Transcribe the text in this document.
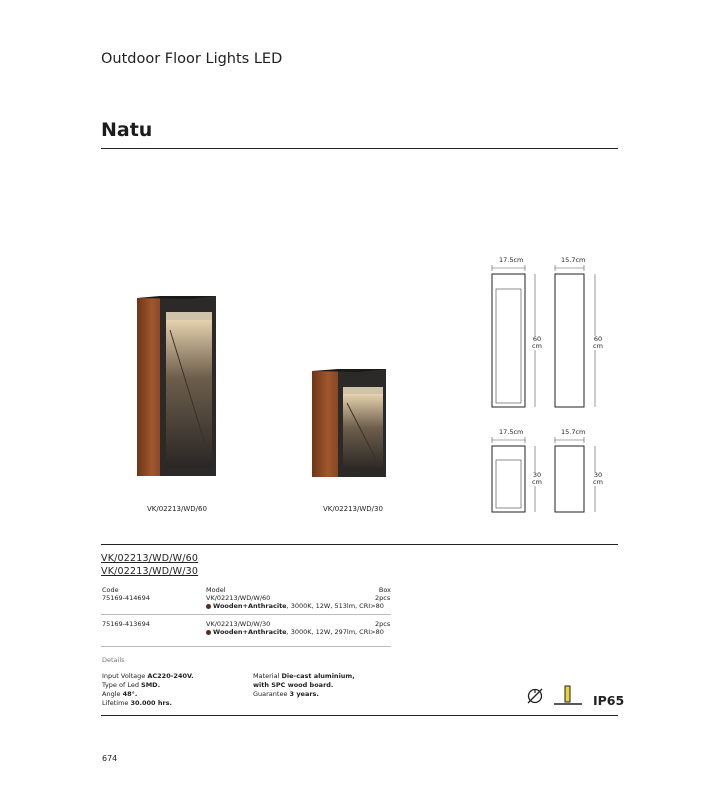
Outdoor Floor Lights LED
Natu
VK/02213/WD/60	VK/02213/WD/30
17.5cm	15.7cm
60
cm
60
cm
17.5cm	15.7cm
30
cm
30
cm
VK/02213/WD/W/60
VK/02213/WD/W/30
Code	Model	Box
75169-414694	VK/02213/WD/W/60	2pcs
Wooden+Anthracite, 3000K, 12W, 513lm, CRI>80
75169-413694	VK/02213/WD/W/30	2pcs
Wooden+Anthracite, 3000K, 12W, 297lm, CRI>80
Details
Input Voltage AC220-240V.
Type of Led SMD.
Angle 48°.
Lifetime 30.000 hrs.
Material Die-cast aluminium,
with SPC wood board.
Guarantee 3 years.	IP65
674
